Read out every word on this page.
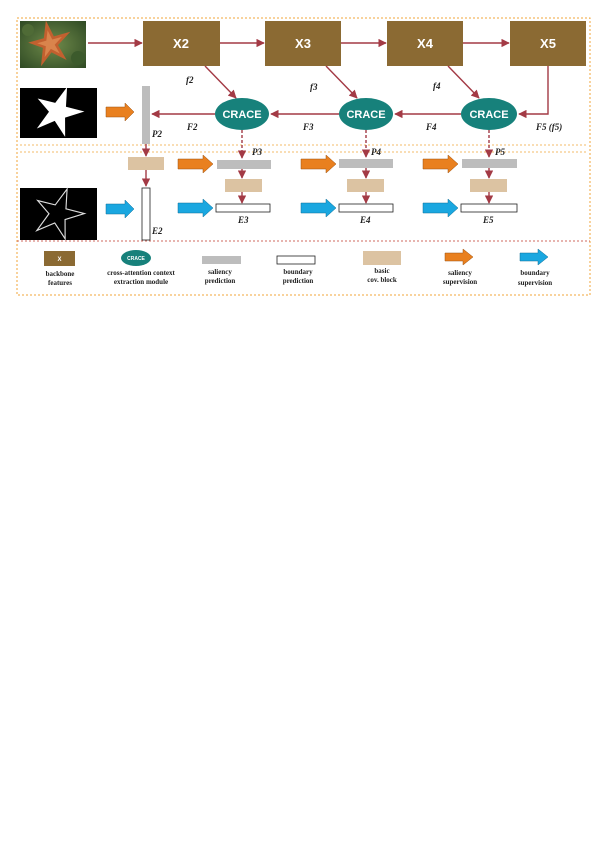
X2	X3	X4	X5
f2
f3	f4
CRACE	CRACE	CRACE
F2	F3	F4	F5 (f5)
P2
E2
P3
E3
P4
E4
P5
E5
X
backbone
features
CRACE
cross-attention context
extraction module
saliency
prediction
boundary
prediction
basic
cov. block
saliency
supervision
boundary
supervision
